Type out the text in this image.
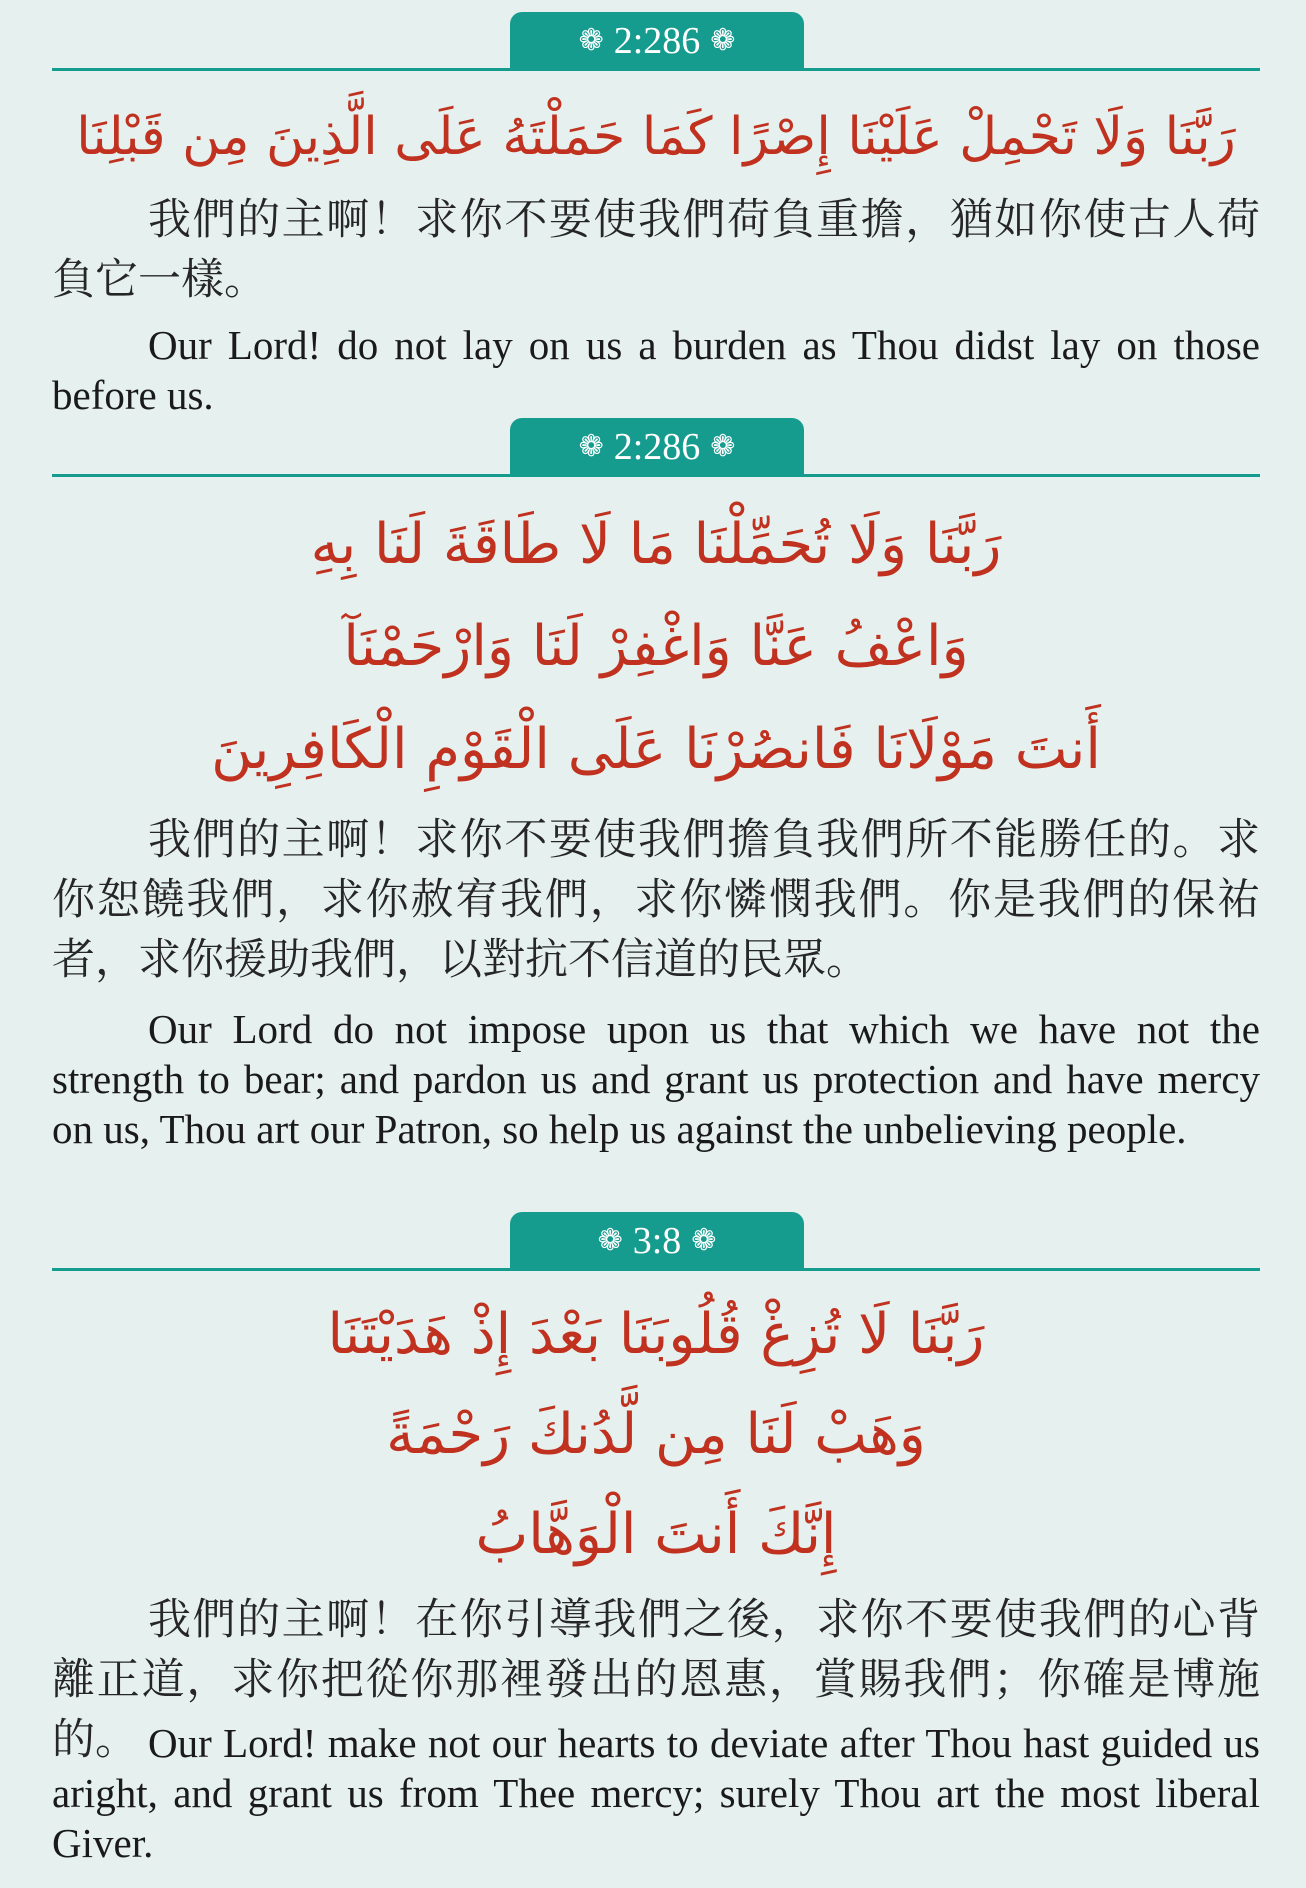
❁ 2:286 ❁
رَبَّنَا وَلَا تَحْمِلْ عَلَيْنَا إِصْرًا كَمَا حَمَلْتَهُ عَلَى الَّذِينَ مِن قَبْلِنَا
我們的主啊！求你不要使我們荷負重擔，猶如你使古人荷負它一樣。
Our Lord! do not lay on us a burden as Thou didst lay on those before us.
❁ 2:286 ❁
رَبَّنَا وَلَا تُحَمِّلْنَا مَا لَا طَاقَةَ لَنَا بِهِ
وَاعْفُ عَنَّا وَاغْفِرْ لَنَا وَارْحَمْنَآ
أَنتَ مَوْلَانَا فَانصُرْنَا عَلَى الْقَوْمِ الْكَافِرِينَ
我們的主啊！求你不要使我們擔負我們所不能勝任的。求你恕饒我們，求你赦宥我們，求你憐憫我們。你是我們的保祐者，求你援助我們，以對抗不信道的民眾。
Our Lord do not impose upon us that which we have not the strength to bear; and pardon us and grant us protection and have mercy on us, Thou art our Patron, so help us against the unbelieving people.
❁ 3:8 ❁
رَبَّنَا لَا تُزِغْ قُلُوبَنَا بَعْدَ إِذْ هَدَيْتَنَا
وَهَبْ لَنَا مِن لَّدُنكَ رَحْمَةً
إِنَّكَ أَنتَ الْوَهَّابُ
我們的主啊！在你引導我們之後，求你不要使我們的心背離正道，求你把從你那裡發出的恩惠，賞賜我們；你確是博施的。 Our Lord! make not our hearts to deviate after Thou hast guided us aright, and grant us from Thee mercy; surely Thou art the most liberal Giver.
